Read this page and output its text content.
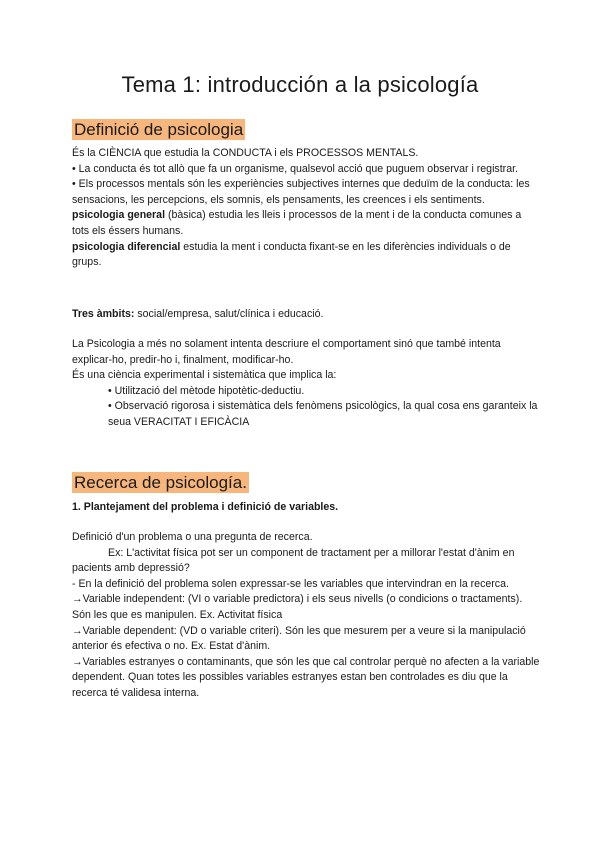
Tema 1: introducción a la psicología
Definició de psicologia

És la CIÈNCIA que estudia la CONDUCTA i els PROCESSOS MENTALS.

• La conducta és tot allò que fa un organisme, qualsevol acció que puguem observar i registrar.

• Els processos mentals són les experiències subjectives internes que deduïm de la conducta: les sensacions, les percepcions, els somnis, els pensaments, les creences i els sentiments.

psicologia general (bàsica) estudia les lleis i processos de la ment i de la conducta comunes a tots els éssers humans.

psicologia diferencial estudia la ment i conducta fixant-se en les diferències individuals o de grups.

Tres àmbits: social/empresa, salut/clínica i educació.

La Psicologia a més no solament intenta descriure el comportament sinó que també intenta explicar-ho, predir-ho i, finalment, modificar-ho.

És una ciència experimental i sistemàtica que implica la:

• Utilització del mètode hipotètic-deductiu.

• Observació rigorosa i sistemàtica dels fenòmens psicològics, la qual cosa ens garanteix la seua VERACITAT I EFICÀCIA

Recerca de psicología.

1. Plantejament del problema i definició de variables.

Definició d'un problema o una pregunta de recerca.

Ex: L'activitat física pot ser un component de tractament per a millorar l'estat d'ànim en pacients amb depressió?

- En la definició del problema solen expressar-se les variables que intervindran en la recerca.

→Variable independent: (VI o variable predictora) i els seus nivells (o condicions o tractaments). Són les que es manipulen. Ex. Activitat física

→Variable dependent: (VD o variable criteri). Són les que mesurem per a veure si la manipulació anterior és efectiva o no. Ex. Estat d'ànim.

→Variables estranyes o contaminants, que són les que cal controlar perquè no afecten a la variable dependent. Quan totes les possibles variables estranyes estan ben controlades es diu que la recerca té validesa interna.
